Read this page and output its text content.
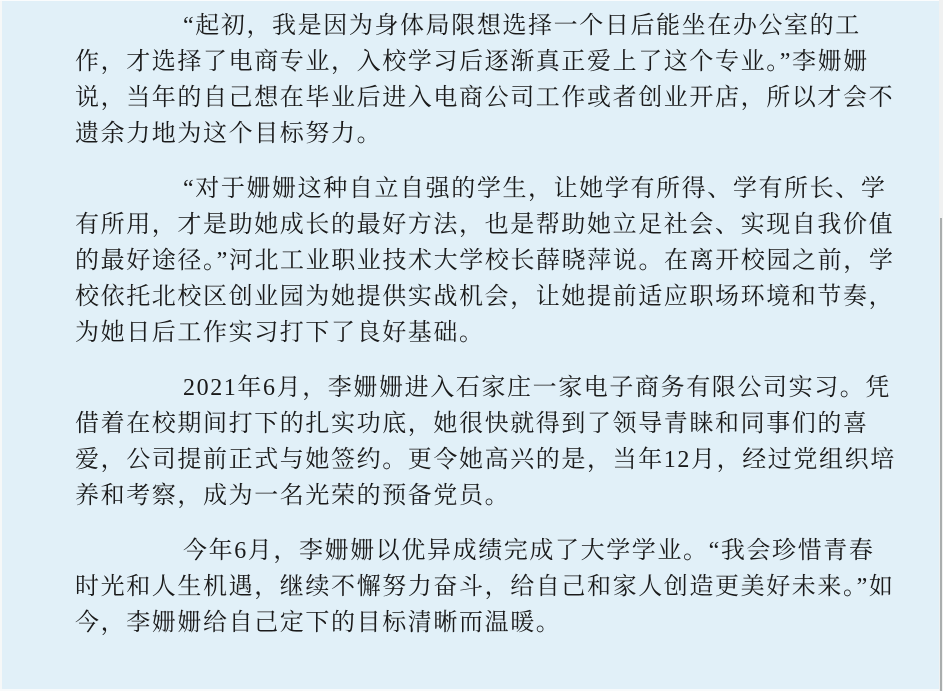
“起初，我是因为身体局限想选择一个日后能坐在办公室的工作，才选择了电商专业，入校学习后逐渐真正爱上了这个专业。”李姗姗说，当年的自己想在毕业后进入电商公司工作或者创业开店，所以才会不遗余力地为这个目标努力。

“对于姗姗这种自立自强的学生，让她学有所得、学有所长、学有所用，才是助她成长的最好方法，也是帮助她立足社会、实现自我价值的最好途径。”河北工业职业技术大学校长薛晓萍说。在离开校园之前，学校依托北校区创业园为她提供实战机会，让她提前适应职场环境和节奏，为她日后工作实习打下了良好基础。

2021年6月，李姗姗进入石家庄一家电子商务有限公司实习。凭借着在校期间打下的扎实功底，她很快就得到了领导青睐和同事们的喜爱，公司提前正式与她签约。更令她高兴的是，当年12月，经过党组织培养和考察，成为一名光荣的预备党员。

今年6月，李姗姗以优异成绩完成了大学学业。“我会珍惜青春时光和人生机遇，继续不懈努力奋斗，给自己和家人创造更美好未来。”如今，李姗姗给自己定下的目标清晰而温暖。
